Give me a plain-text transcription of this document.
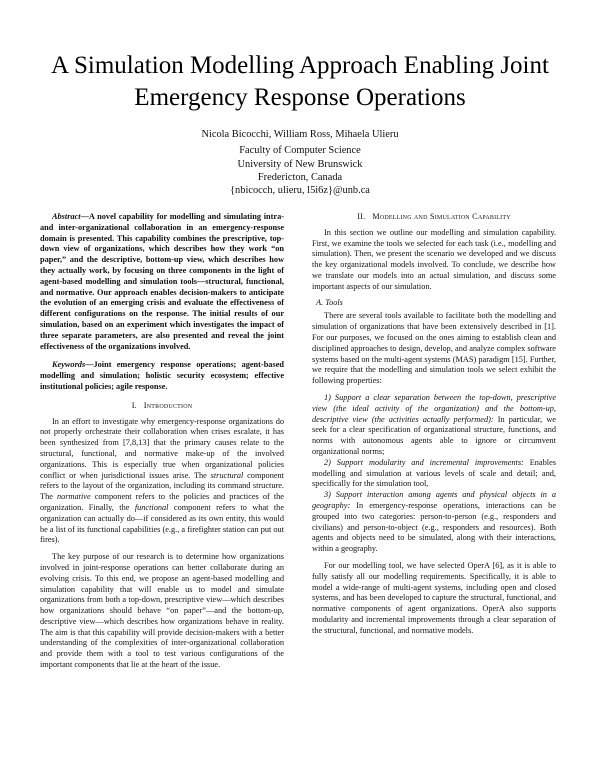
A Simulation Modelling Approach Enabling Joint Emergency Response Operations
Nicola Bicocchi, William Ross, Mihaela Ulieru
Faculty of Computer Science
University of New Brunswick
Fredericton, Canada
{nbicocch, ulieru, l5i6z}@unb.ca

Abstract—A novel capability for modelling and simulating intra- and inter-organizational collaboration in an emergency-response domain is presented. This capability combines the prescriptive, top-down view of organizations, which describes how they work “on paper,” and the descriptive, bottom-up view, which describes how they actually work, by focusing on three components in the light of agent-based modelling and simulation tools—structural, functional, and normative. Our approach enables decision-makers to anticipate the evolution of an emerging crisis and evaluate the effectiveness of different configurations on the response. The initial results of our simulation, based on an experiment which investigates the impact of three separate parameters, are also presented and reveal the joint effectiveness of the organizations involved.

Keywords—Joint emergency response operations; agent-based modelling and simulation; holistic security ecosystem; effective institutional policies; agile response.

I. Introduction

In an effort to investigate why emergency-response organizations do not properly orchestrate their collaboration when crises escalate, it has been synthesized from [7,8,13] that the primary causes relate to the structural, functional, and normative make-up of the involved organizations. This is especially true when organizational policies conflict or when jurisdictional issues arise. The structural component refers to the layout of the organization, including its command structure. The normative component refers to the policies and practices of the organization. Finally, the functional component refers to what the organization can actually do—if considered as its own entity, this would be a list of its functional capabilities (e.g., a firefighter station can put out fires).

The key purpose of our research is to determine how organizations involved in joint-response operations can better collaborate during an evolving crisis. To this end, we propose an agent-based modelling and simulation capability that will enable us to model and simulate organizations from both a top-down, prescriptive view—which describes how organizations should behave “on paper”—and the bottom-up, descriptive view—which describes how organizations behave in reality. The aim is that this capability will provide decision-makers with a better understanding of the complexities of inter-organizational collaboration and provide them with a tool to test various configurations of the important components that lie at the heart of the issue.

II. Modelling and Simulation Capability

In this section we outline our modelling and simulation capability. First, we examine the tools we selected for each task (i.e., modelling and simulation). Then, we present the scenario we developed and we discuss the key organizational models involved. To conclude, we describe how we translate our models into an actual simulation, and discuss some important aspects of our simulation.

A. Tools

There are several tools available to facilitate both the modelling and simulation of organizations that have been extensively described in [1]. For our purposes, we focused on the ones aiming to establish clean and disciplined approaches to design, develop, and analyze complex software systems based on the multi-agent systems (MAS) paradigm [15]. Further, we require that the modelling and simulation tools we select exhibit the following properties:

1) Support a clear separation between the top-down, prescriptive view (the ideal activity of the organization) and the bottom-up, descriptive view (the activities actually performed): In particular, we seek for a clear specification of organizational structure, functions, and norms with autonomous agents able to ignore or circumvent organizational norms;

2) Support modularity and incremental improvements: Enables modelling and simulation at various levels of scale and detail; and, specifically for the simulation tool,

3) Support interaction among agents and physical objects in a geography: In emergency-response operations, interactions can be grouped into two categories: person-to-person (e.g., responders and civilians) and person-to-object (e.g., responders and resources). Both agents and objects need to be simulated, along with their interactions, within a geography.

For our modelling tool, we have selected OperA [6], as it is able to fully satisfy all our modelling requirements. Specifically, it is able to model a wide-range of multi-agent systems, including open and closed systems, and has been developed to capture the structural, functional, and normative components of agent organizations. OperA also supports modularity and incremental improvements through a clear separation of the structural, functional, and normative models.
